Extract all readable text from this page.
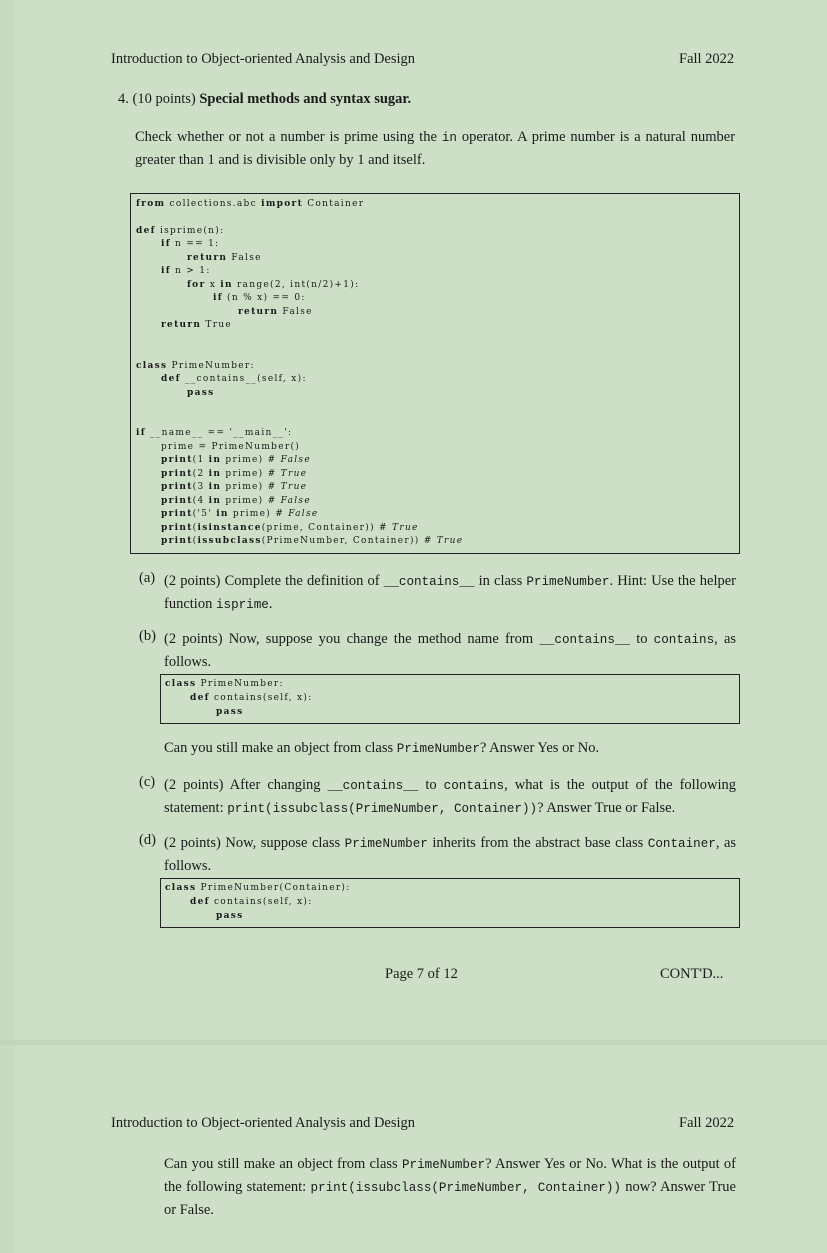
Introduction to Object-oriented Analysis and Design	Fall 2022
4. (10 points) Special methods and syntax sugar.
Check whether or not a number is prime using the in operator. A prime number is a natural number greater than 1 and is divisible only by 1 and itself.
from collections.abc import Container
def isprime(n):
if n == 1:
return False
if n > 1:
for x in range(2, int(n/2)+1):
if (n % x) == 0:
return False
return True
class PrimeNumber:
def __contains__(self, x):
pass
if __name__ == '__main__':
prime = PrimeNumber()
print(1 in prime) # False
print(2 in prime) # True
print(3 in prime) # True
print(4 in prime) # False
print('5' in prime) # False
print(isinstance(prime, Container)) # True
print(issubclass(PrimeNumber, Container)) # True
(a) (2 points) Complete the definition of __contains__ in class PrimeNumber. Hint: Use the helper function isprime.
(b) (2 points) Now, suppose you change the method name from __contains__ to contains, as follows.
class PrimeNumber:
def contains(self, x):
pass
Can you still make an object from class PrimeNumber? Answer Yes or No.
(c) (2 points) After changing __contains__ to contains, what is the output of the following statement: print(issubclass(PrimeNumber, Container))? Answer True or False.
(d) (2 points) Now, suppose class PrimeNumber inherits from the abstract base class Container, as follows.
class PrimeNumber(Container):
def contains(self, x):
pass
Page 7 of 12	CONT'D...
Introduction to Object-oriented Analysis and Design	Fall 2022
Can you still make an object from class PrimeNumber? Answer Yes or No. What is the output of the following statement: print(issubclass(PrimeNumber, Container)) now? Answer True or False.
